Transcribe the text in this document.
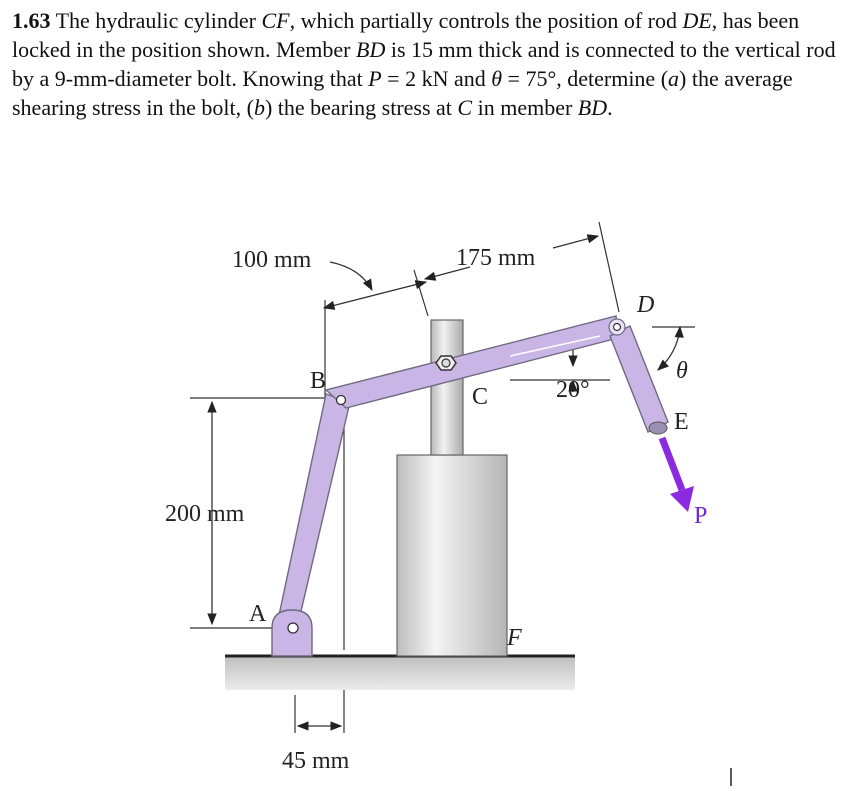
1.63 The hydraulic cylinder CF, which partially controls the position of rod DE, has been locked in the position shown. Member BD is 15 mm thick and is connected to the vertical rod by a 9-mm-diameter bolt. Knowing that P = 2 kN and θ = 75°, determine (a) the average shearing stress in the bolt, (b) the bearing stress at C in member BD.
100 mm	175 mm
200 mm
45 mm
20°
A
B
C
D
E
F
θ
P
